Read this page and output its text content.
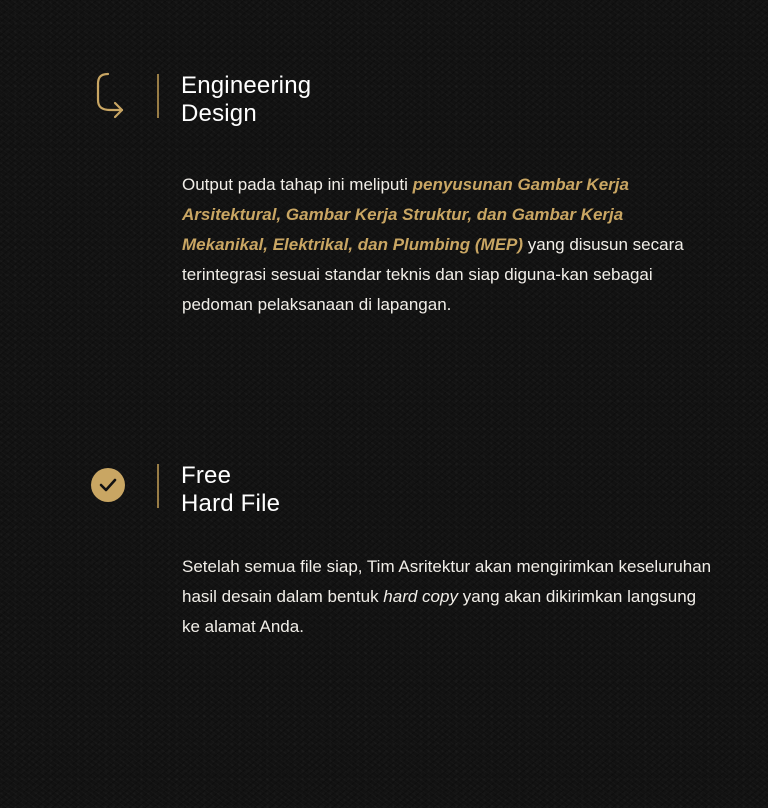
Engineering
Design

Output pada tahap ini meliputi penyusunan Gambar Kerja Arsitektural, Gambar Kerja Struktur, dan Gambar Kerja Mekanikal, Elektrikal, dan Plumbing (MEP) yang disusun secara terintegrasi sesuai standar teknis dan siap diguna-kan sebagai pedoman pelaksanaan di lapangan.

Free
Hard File

Setelah semua file siap, Tim Asritektur akan mengirimkan keseluruhan hasil desain dalam bentuk hard copy yang akan dikirimkan langsung ke alamat Anda.
